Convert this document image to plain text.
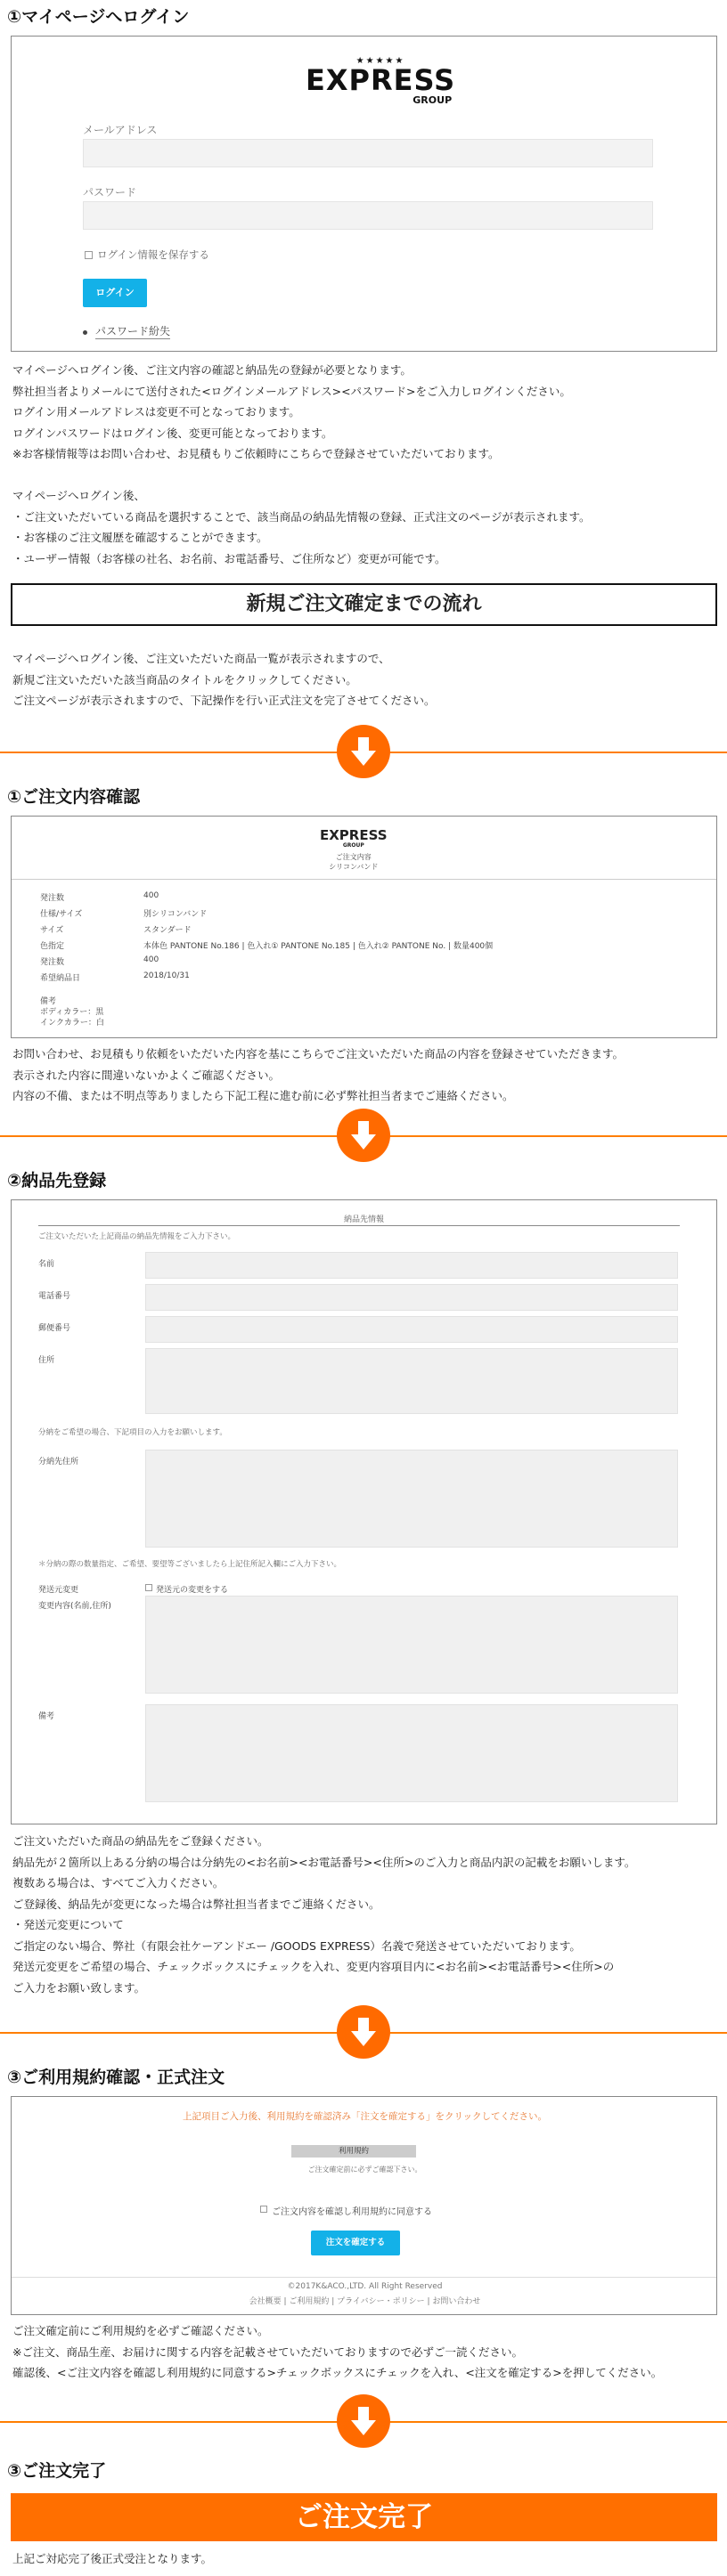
①マイページへログイン
★★★★★
EXPRESS
GROUP
メールアドレス
パスワード
ログイン情報を保存する
ログイン
パスワード紛失
マイページへログイン後、ご注文内容の確認と納品先の登録が必要となります。
弊社担当者よりメールにて送付された<ログインメールアドレス><パスワード>をご入力しログインください。
ログイン用メールアドレスは変更不可となっております。
ログインパスワードはログイン後、変更可能となっております。
※お客様情報等はお問い合わせ、お見積もりご依頼時にこちらで登録させていただいております。
マイページへログイン後、
・ご注文いただいている商品を選択することで、該当商品の納品先情報の登録、正式注文のページが表示されます。
・お客様のご注文履歴を確認することができます。
・ユーザー情報（お客様の社名、お名前、お電話番号、ご住所など）変更が可能です。
新規ご注文確定までの流れ
マイページへログイン後、ご注文いただいた商品一覧が表示されますので、
新規ご注文いただいた該当商品のタイトルをクリックしてください。
ご注文ページが表示されますので、下記操作を行い正式注文を完了させてください。
①ご注文内容確認
EXPRESS
GROUP
ご注文内容
シリコンバンド
発注数	400
仕様/サイズ	別シリコンバンド
サイズ	スタンダード
色指定	本体色 PANTONE No.186 | 色入れ① PANTONE No.185 | 色入れ② PANTONE No. | 数量400個
発注数	400
希望納品日	2018/10/31
備考
ボディカラー：黒
インクカラー：白
お問い合わせ、お見積もり依頼をいただいた内容を基にこちらでご注文いただいた商品の内容を登録させていただきます。
表示された内容に間違いないかよくご確認ください。
内容の不備、または不明点等ありましたら下記工程に進む前に必ず弊社担当者までご連絡ください。
②納品先登録
納品先情報
ご注文いただいた上記商品の納品先情報をご入力下さい。
名前
電話番号
郵便番号
住所
分納をご希望の場合、下記項目の入力をお願いします。
分納先住所
＊分納の際の数量指定、ご希望、要望等ございましたら上記住所記入欄にご入力下さい。
発送元変更	発送元の変更をする
変更内容(名前,住所)
備考
ご注文いただいた商品の納品先をご登録ください。
納品先が２箇所以上ある分納の場合は分納先の<お名前><お電話番号><住所>のご入力と商品内訳の記載をお願いします。
複数ある場合は、すべてご入力ください。
ご登録後、納品先が変更になった場合は弊社担当者までご連絡ください。
・発送元変更について
ご指定のない場合、弊社（有限会社ケーアンドエー /GOODS EXPRESS）名義で発送させていただいております。
発送元変更をご希望の場合、チェックボックスにチェックを入れ、変更内容項目内に<お名前><お電話番号><住所>の
ご入力をお願い致します。
③ご利用規約確認・正式注文
上記項目ご入力後、利用規約を確認済み「注文を確定する」をクリックしてください。
利用規約
ご注文確定前に必ずご確認下さい。
ご注文内容を確認し利用規約に同意する
注文を確定する
©2017K&ACO.,LTD. All Right Reserved
会社概要 | ご利用規約 | プライバシー・ポリシー | お問い合わせ
ご注文確定前にご利用規約を必ずご確認ください。
※ご注文、商品生産、お届けに関する内容を記載させていただいておりますので必ずご一読ください。
確認後、<ご注文内容を確認し利用規約に同意する>チェックボックスにチェックを入れ、<注文を確定する>を押してください。
③ご注文完了
ご注文完了
上記ご対応完了後正式受注となります。
